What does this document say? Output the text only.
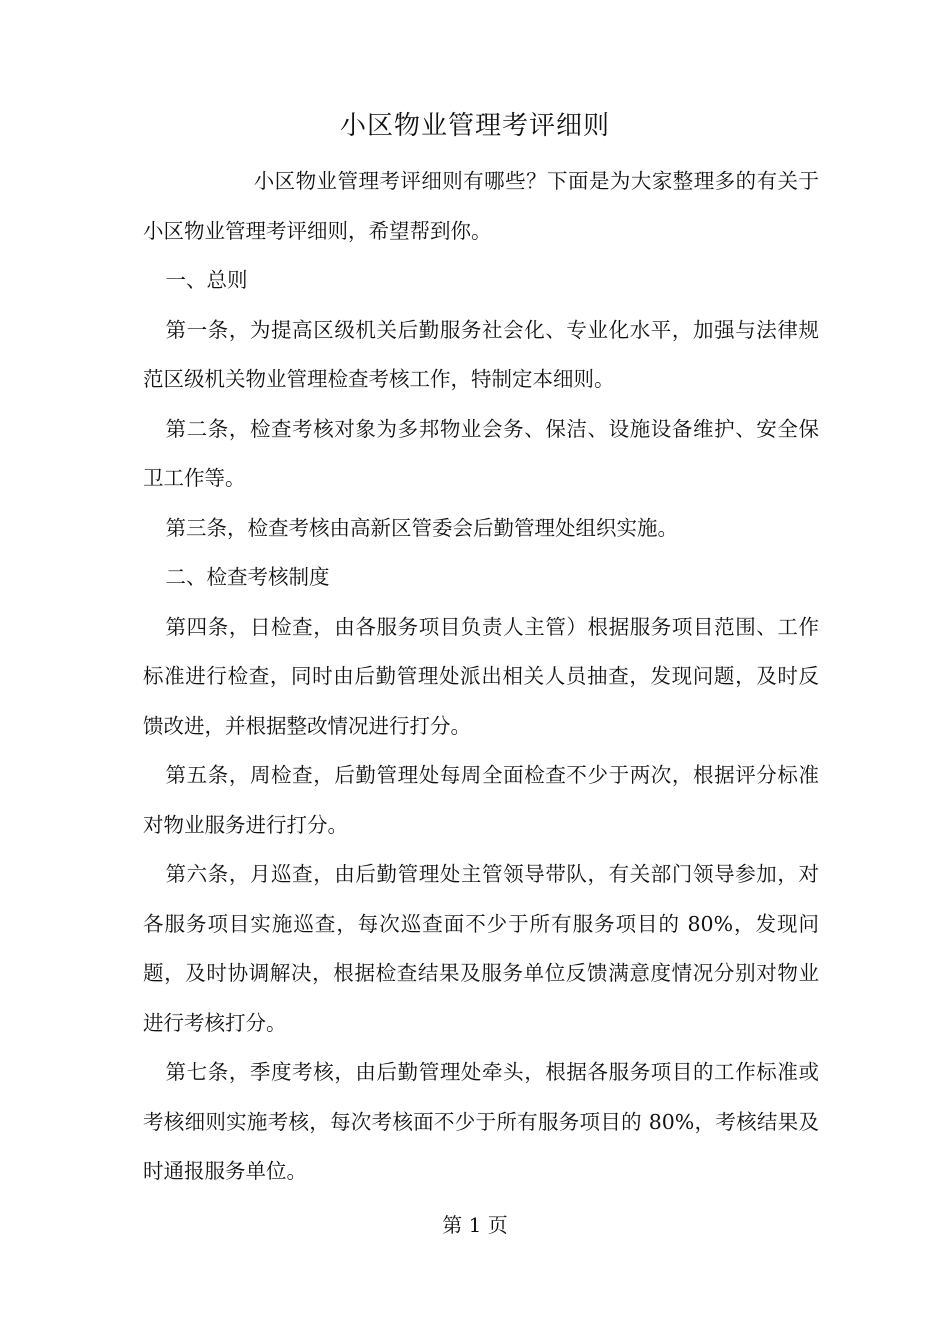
小区物业管理考评细则

小区物业管理考评细则有哪些？下面是为大家整理多的有关于小区物业管理考评细则，希望帮到你。

一、总则

第一条，为提高区级机关后勤服务社会化、专业化水平，加强与法律规范区级机关物业管理检查考核工作，特制定本细则。

第二条，检查考核对象为多邦物业会务、保洁、设施设备维护、安全保卫工作等。

第三条，检查考核由高新区管委会后勤管理处组织实施。

二、检查考核制度

第四条，日检查，由各服务项目负责人主管）根据服务项目范围、工作标准进行检查，同时由后勤管理处派出相关人员抽查，发现问题，及时反馈改进，并根据整改情况进行打分。

第五条，周检查，后勤管理处每周全面检查不少于两次，根据评分标准对物业服务进行打分。

第六条，月巡查，由后勤管理处主管领导带队，有关部门领导参加，对各服务项目实施巡查，每次巡查面不少于所有服务项目的 80%，发现问题，及时协调解决，根据检查结果及服务单位反馈满意度情况分别对物业进行考核打分。

第七条，季度考核，由后勤管理处牵头，根据各服务项目的工作标准或考核细则实施考核，每次考核面不少于所有服务项目的 80%，考核结果及时通报服务单位。

第 1 页
